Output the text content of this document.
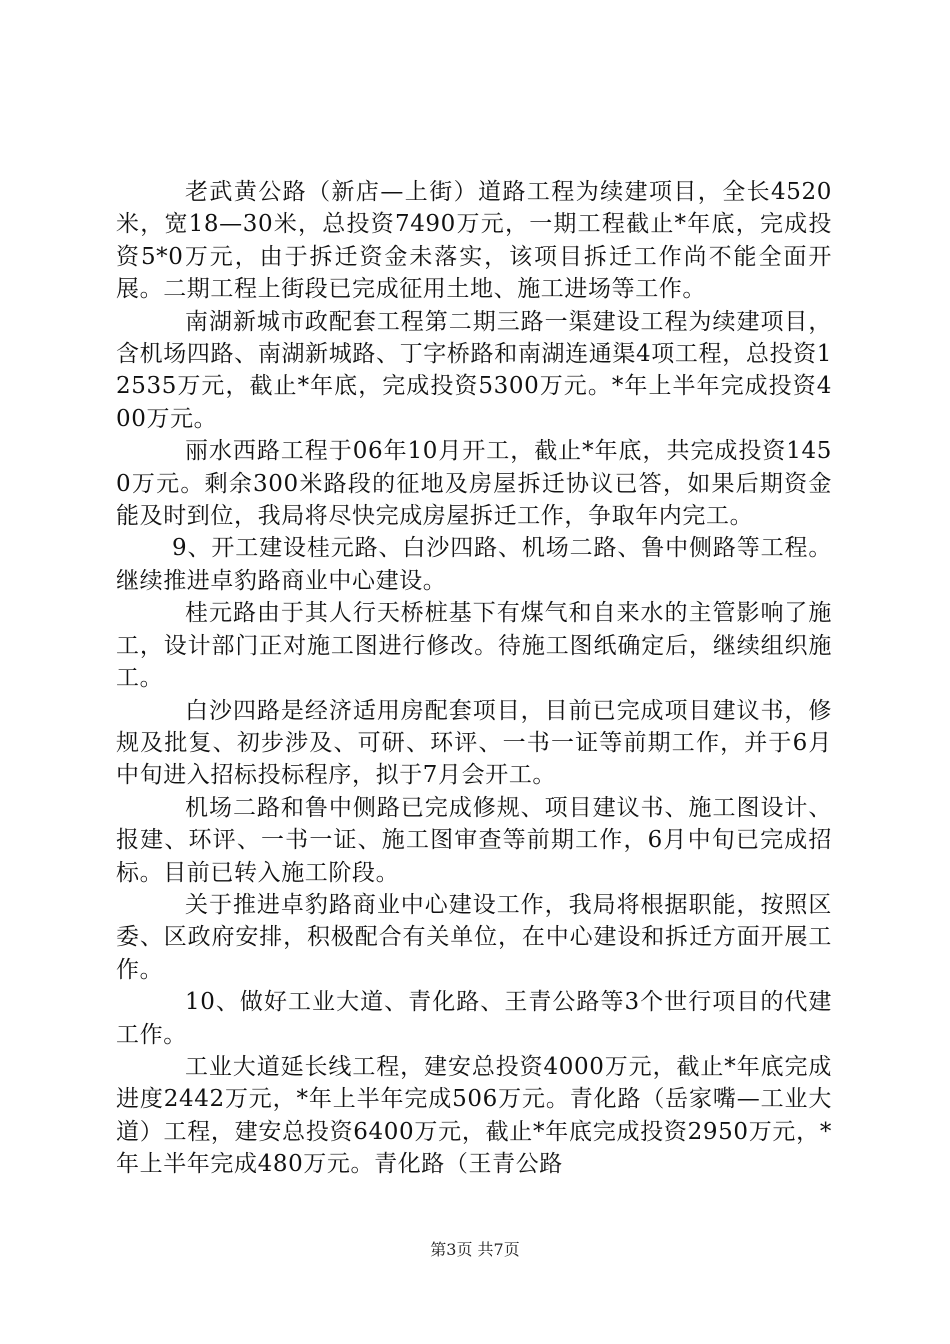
老武黄公路（新店—上街）道路工程为续建项目，全长4520米，宽18—30米，总投资7490万元，一期工程截止*年底，完成投资5*0万元，由于拆迁资金未落实，该项目拆迁工作尚不能全面开展。二期工程上街段已完成征用土地、施工进场等工作。

南湖新城市政配套工程第二期三路一渠建设工程为续建项目，含机场四路、南湖新城路、丁字桥路和南湖连通渠4项工程，总投资12535万元，截止*年底，完成投资5300万元。*年上半年完成投资400万元。

丽水西路工程于06年10月开工，截止*年底，共完成投资1450万元。剩余300米路段的征地及房屋拆迁协议已答，如果后期资金能及时到位，我局将尽快完成房屋拆迁工作，争取年内完工。

9、开工建设桂元路、白沙四路、机场二路、鲁中侧路等工程。继续推进卓豹路商业中心建设。

桂元路由于其人行天桥桩基下有煤气和自来水的主管影响了施工，设计部门正对施工图进行修改。待施工图纸确定后，继续组织施工。

白沙四路是经济适用房配套项目，目前已完成项目建议书，修规及批复、初步涉及、可研、环评、一书一证等前期工作，并于6月中旬进入招标投标程序，拟于7月会开工。

机场二路和鲁中侧路已完成修规、项目建议书、施工图设计、报建、环评、一书一证、施工图审查等前期工作，6月中旬已完成招标。目前已转入施工阶段。

关于推进卓豹路商业中心建设工作，我局将根据职能，按照区委、区政府安排，积极配合有关单位，在中心建设和拆迁方面开展工作。

10、做好工业大道、青化路、王青公路等3个世行项目的代建工作。

工业大道延长线工程，建安总投资4000万元，截止*年底完成进度2442万元，*年上半年完成506万元。青化路（岳家嘴—工业大道）工程，建安总投资6400万元，截止*年底完成投资2950万元，*年上半年完成480万元。青化路（王青公路

第3页 共7页
